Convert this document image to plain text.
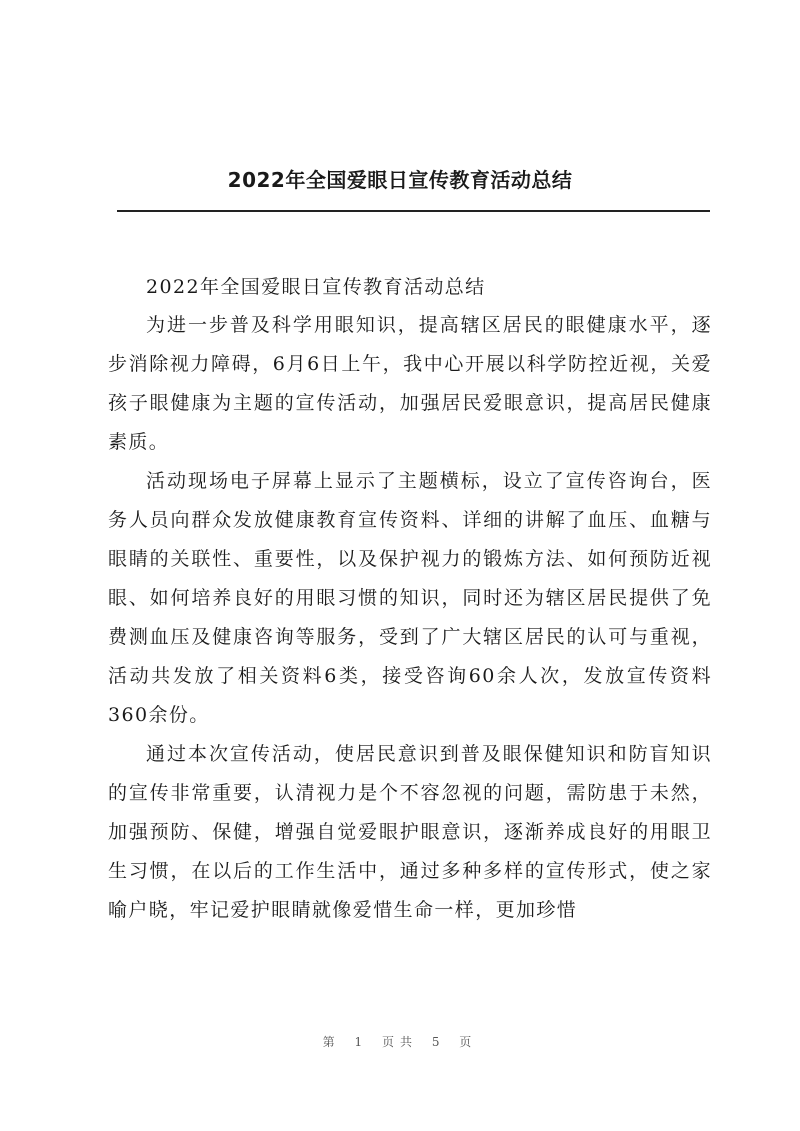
2022年全国爱眼日宣传教育活动总结

2022年全国爱眼日宣传教育活动总结

为进一步普及科学用眼知识，提高辖区居民的眼健康水平，逐步消除视力障碍，6月6日上午，我中心开展以科学防控近视，关爱孩子眼健康为主题的宣传活动，加强居民爱眼意识，提高居民健康素质。

活动现场电子屏幕上显示了主题横标，设立了宣传咨询台，医务人员向群众发放健康教育宣传资料、详细的讲解了血压、血糖与眼睛的关联性、重要性，以及保护视力的锻炼方法、如何预防近视眼、如何培养良好的用眼习惯的知识，同时还为辖区居民提供了免费测血压及健康咨询等服务，受到了广大辖区居民的认可与重视，活动共发放了相关资料6类，接受咨询60余人次，发放宣传资料360余份。

通过本次宣传活动，使居民意识到普及眼保健知识和防盲知识的宣传非常重要，认清视力是个不容忽视的问题，需防患于未然，加强预防、保健，增强自觉爱眼护眼意识，逐渐养成良好的用眼卫生习惯，在以后的工作生活中，通过多种多样的宣传形式，使之家喻户晓，牢记爱护眼睛就像爱惜生命一样，更加珍惜

第 1 页共 5 页
